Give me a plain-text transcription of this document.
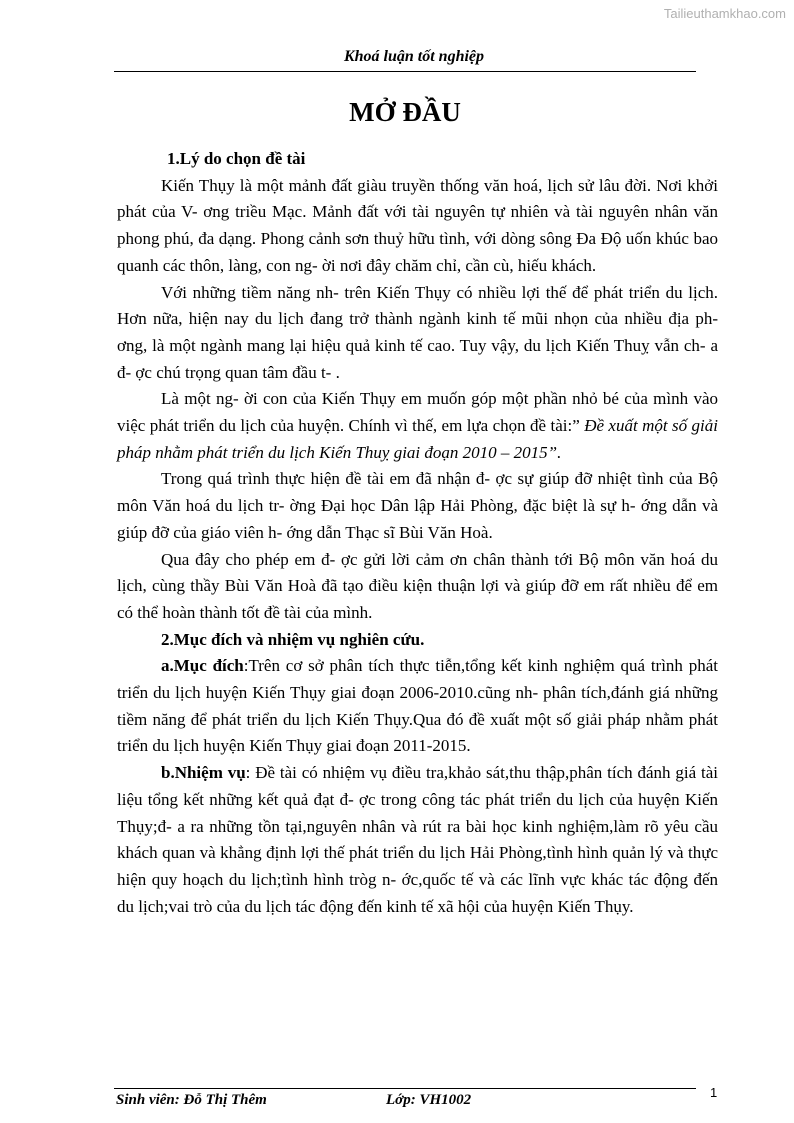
Tailieuthamkhao.com
Khoá luận tốt nghiệp
MỞ ĐẦU

1.Lý do chọn đề tài

Kiến Thụy là một mảnh đất giàu truyền thống văn hoá, lịch sử lâu đời. Nơi khởi phát của V- ơng triều Mạc. Mảnh đất với tài nguyên tự nhiên và tài nguyên nhân văn phong phú, đa dạng. Phong cảnh sơn thuỷ hữu tình, với dòng sông Đa Độ uốn khúc bao quanh các thôn, làng, con ng- ời nơi đây chăm chỉ, cần cù, hiếu khách.

Với những tiềm năng nh- trên Kiến Thụy có nhiều lợi thế để phát triển du lịch. Hơn nữa, hiện nay du lịch đang trở thành ngành kinh tế mũi nhọn của nhiều địa ph- ơng, là một ngành mang lại hiệu quả kinh tế cao. Tuy vậy, du lịch Kiến Thuỵ vẫn ch- a đ- ợc chú trọng quan tâm đầu t- .

Là một ng- ời con của Kiến Thụy em muốn góp một phần nhỏ bé của mình vào việc phát triển du lịch của huyện. Chính vì thế, em lựa chọn đề tài:” Đề xuất một số giải pháp nhằm phát triển du lịch Kiến Thuỵ giai đoạn 2010 – 2015”.

Trong quá trình thực hiện đề tài em đã nhận đ- ợc sự giúp đỡ nhiệt tình của Bộ môn Văn hoá du lịch tr- ờng Đại học Dân lập Hải Phòng, đặc biệt là sự h- ớng dẫn và giúp đỡ của giáo viên h- ớng dẫn Thạc sĩ Bùi Văn Hoà.

Qua đây cho phép em đ- ợc gửi lời cảm ơn chân thành tới Bộ môn văn hoá du lịch, cùng thầy Bùi Văn Hoà đã tạo điều kiện thuận lợi và giúp đỡ em rất nhiều để em có thể hoàn thành tốt đề tài của mình.

2.Mục đích và nhiệm vụ nghiên cứu.

a.Mục đích:Trên cơ sở phân tích thực tiễn,tổng kết kinh nghiệm quá trình phát triển du lịch huyện Kiến Thụy giai đoạn 2006-2010.cũng nh- phân tích,đánh giá những tiềm năng để phát triển du lịch Kiến Thụy.Qua đó đề xuất một số giải pháp nhằm phát triển du lịch huyện Kiến Thụy giai đoạn 2011-2015.

b.Nhiệm vụ: Đề tài có nhiệm vụ điều tra,khảo sát,thu thập,phân tích đánh giá tài liệu tổng kết những kết quả đạt đ- ợc trong công tác phát triển du lịch của huyện Kiến Thụy;đ- a ra những tồn tại,nguyên nhân và rút ra bài học kinh nghiệm,làm rõ yêu cầu khách quan và khẳng định lợi thế phát triển du lịch Hải Phòng,tình hình quản lý và thực hiện quy hoạch du lịch;tình hình tròg n- ớc,quốc tế và các lĩnh vực khác tác động đến du lịch;vai trò của du lịch tác động đến kinh tế xã hội của huyện Kiến Thụy.

Sinh viên: Đỗ Thị Thêm	Lớp: VH1002	1
